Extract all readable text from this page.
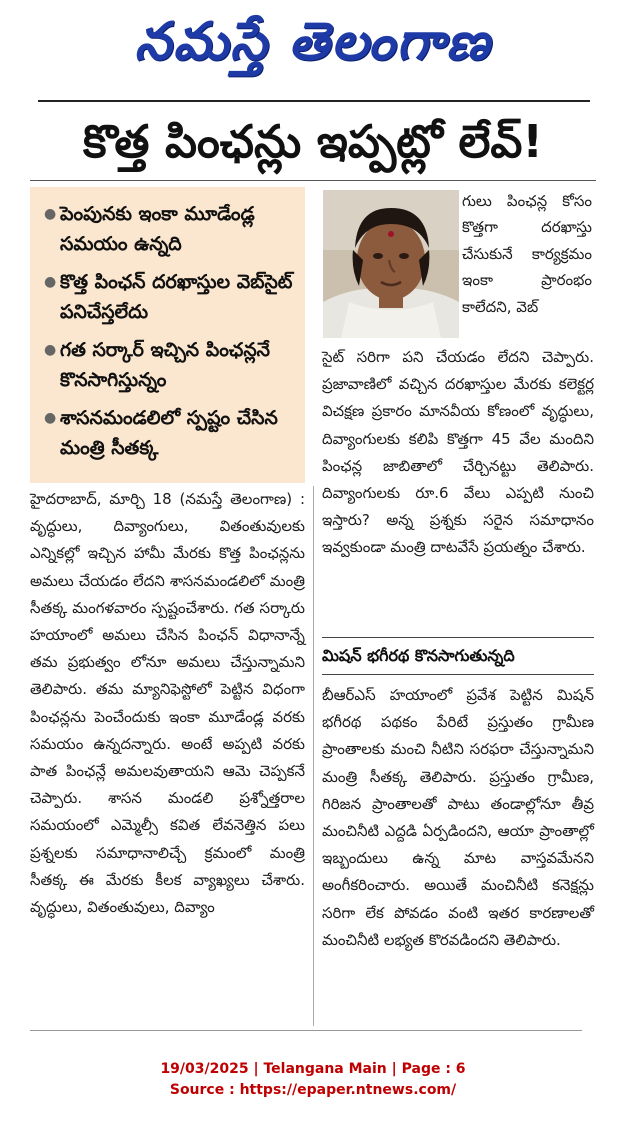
నమస్తే తెలంగాణ
కొత్త పింఛన్లు ఇప్పట్లో లేవ్!
● పెంపునకు ఇంకా మూడేండ్ల సమయం ఉన్నది
● కొత్త పింఛన్ దరఖాస్తుల వెబ్‌సైట్ పనిచేస్తలేదు
● గత సర్కార్ ఇచ్చిన పింఛన్లనే కొనసాగిస్తున్నం
● శాసనమండలిలో స్పష్టం చేసిన మంత్రి సీతక్క
గులు పింఛన్ల కోసం కొత్తగా దరఖాస్తు చేసుకునే కార్యక్రమం ఇంకా ప్రారంభం కాలేదని, వెబ్
సైట్ సరిగా పని చేయడం లేదని చెప్పారు. ప్రజావాణిలో వచ్చిన దరఖాస్తుల మేరకు కలెక్టర్ల విచక్షణ ప్రకారం మానవీయ కోణంలో వృద్ధులు, దివ్యాంగులకు కలిపి కొత్తగా 45 వేల మందిని పింఛన్ల జాబితాలో చేర్చినట్టు తెలిపారు. దివ్యాంగులకు రూ.6 వేలు ఎప్పటి నుంచి ఇస్తారు? అన్న ప్రశ్నకు సరైన సమాధానం ఇవ్వకుండా మంత్రి దాటవేసే ప్రయత్నం చేశారు.
హైదరాబాద్, మార్చి 18 (నమస్తే తెలంగాణ) : వృద్ధులు, దివ్యాంగులు, వితంతువులకు ఎన్నికల్లో ఇచ్చిన హామీ మేరకు కొత్త పింఛన్లను అమలు చేయడం లేదని శాసనమండలిలో మంత్రి సీతక్క మంగళవారం స్పష్టంచేశారు. గత సర్కారు హయాంలో అమలు చేసిన పింఛన్ విధానాన్నే తమ ప్రభుత్వం లోనూ అమలు చేస్తున్నామని తెలిపారు. తమ మ్యానిఫెస్టోలో పెట్టిన విధంగా పింఛన్లను పెంచేందుకు ఇంకా మూడేండ్ల వరకు సమయం ఉన్నదన్నారు. అంటే అప్పటి వరకు పాత పింఛన్లే అమలవుతాయని ఆమె చెప్పకనే చెప్పారు. శాసన మండలి ప్రశ్నోత్తరాల సమయంలో ఎమ్మెల్సీ కవిత లేవనెత్తిన పలు ప్రశ్నలకు సమాధానాలిచ్చే క్రమంలో మంత్రి సీతక్క ఈ మేరకు కీలక వ్యాఖ్యలు చేశారు. వృద్ధులు, వితంతువులు, దివ్యాం
మిషన్ భగీరథ కొనసాగుతున్నది
బీఆర్ఎస్ హయాంలో ప్రవేశ పెట్టిన మిషన్ భగీరథ పథకం పేరిటే ప్రస్తుతం గ్రామీణ ప్రాంతాలకు మంచి నీటిని సరఫరా చేస్తున్నామని మంత్రి సీతక్క తెలిపారు. ప్రస్తుతం గ్రామీణ, గిరిజన ప్రాంతాలతో పాటు తండాల్లోనూ తీవ్ర మంచినీటి ఎద్దడి ఏర్పడిందని, ఆయా ప్రాంతాల్లో ఇబ్బందులు ఉన్న మాట వాస్తవమేనని అంగీకరించారు. అయితే మంచినీటి కనెక్షన్లు సరిగా లేక పోవడం వంటి ఇతర కారణాలతో మంచినీటి లభ్యత కొరవడిందని తెలిపారు.
19/03/2025 | Telangana Main | Page : 6
Source : https://epaper.ntnews.com/
